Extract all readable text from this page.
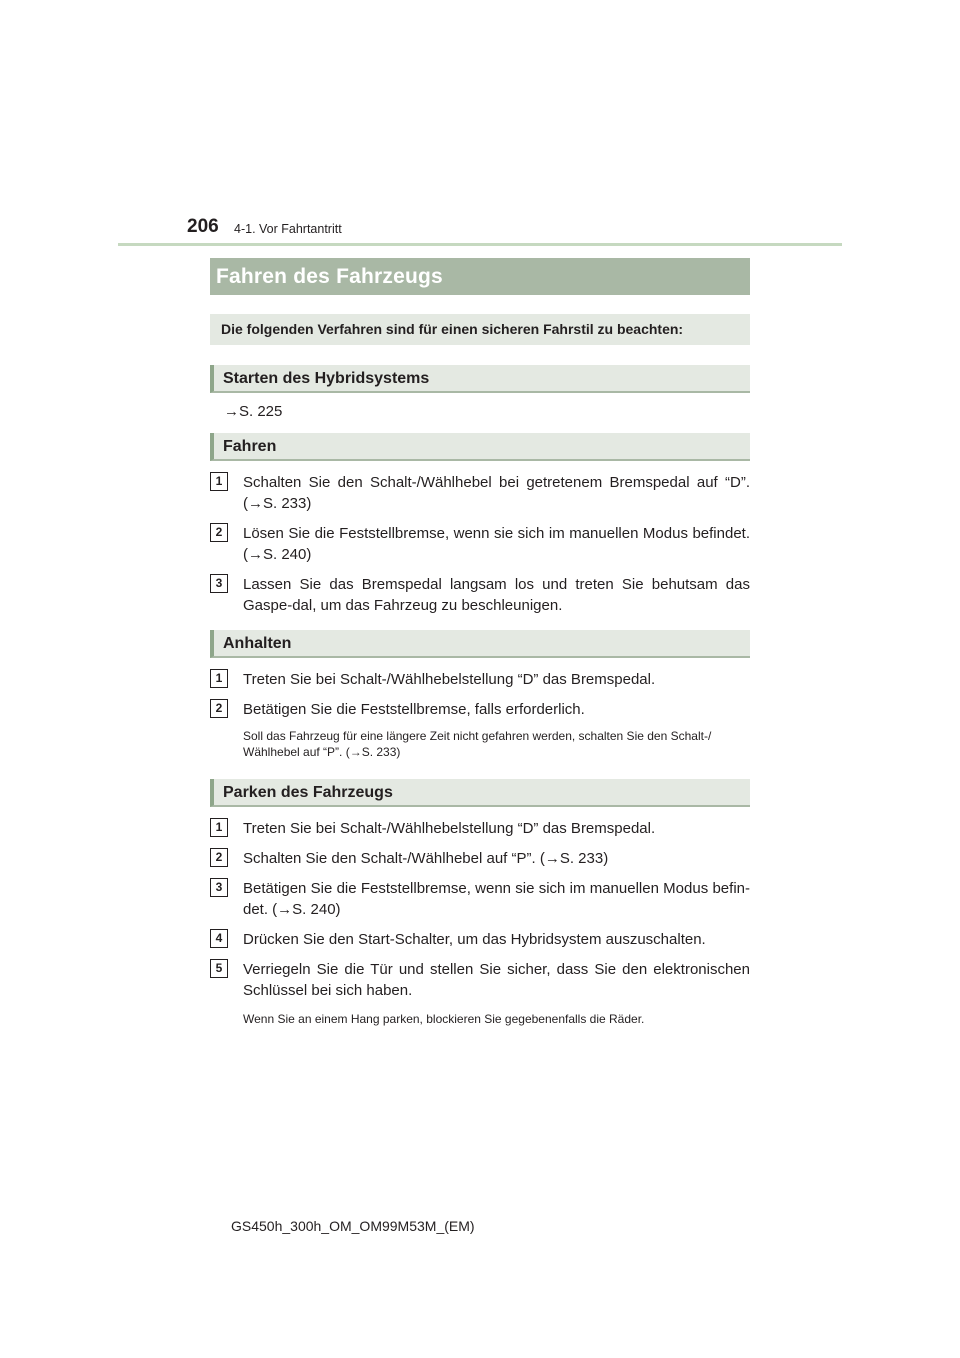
206 4-1. Vor Fahrtantritt
Fahren des Fahrzeugs
Die folgenden Verfahren sind für einen sicheren Fahrstil zu beachten:
Starten des Hybridsystems
→S. 225
Fahren
1	Schalten Sie den Schalt-/Wählhebel bei getretenem Bremspedal auf “D”. (→S. 233)
2	Lösen Sie die Feststellbremse, wenn sie sich im manuellen Modus befindet. (→S. 240)
3	Lassen Sie das Bremspedal langsam los und treten Sie behutsam das Gaspe-dal, um das Fahrzeug zu beschleunigen.
Anhalten
1	Treten Sie bei Schalt-/Wählhebelstellung “D” das Bremspedal.
2	Betätigen Sie die Feststellbremse, falls erforderlich.
Soll das Fahrzeug für eine längere Zeit nicht gefahren werden, schalten Sie den Schalt-/ Wählhebel auf “P”. (→S. 233)
Parken des Fahrzeugs
1	Treten Sie bei Schalt-/Wählhebelstellung “D” das Bremspedal.
2	Schalten Sie den Schalt-/Wählhebel auf “P”. (→S. 233)
3	Betätigen Sie die Feststellbremse, wenn sie sich im manuellen Modus befin-det. (→S. 240)
4	Drücken Sie den Start-Schalter, um das Hybridsystem auszuschalten.
5	Verriegeln Sie die Tür und stellen Sie sicher, dass Sie den elektronischen Schlüssel bei sich haben.
Wenn Sie an einem Hang parken, blockieren Sie gegebenenfalls die Räder.
GS450h_300h_OM_OM99M53M_(EM)
